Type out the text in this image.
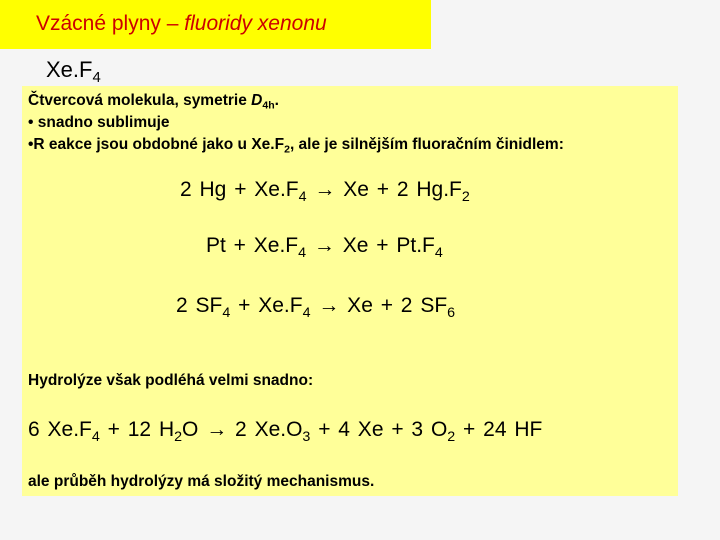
Vzácné plyny – fluoridy xenonu
$Xe.F_4$
Čtvercová molekula, symetrie $D_{4h}$.
• snadno sublimuje
•R eakce jsou obdobné jako u $Xe.F_2$, ale je silnějším fluoračním činidlem:
2 $Hg + Xe.F_4 \to Xe + 2$ $Hg.F_2$
$Pt + Xe.F_4 \to Xe + Pt.F_4$
2 $SF_4 + Xe.F_4 \to Xe + 2$ $SF_6$
Hydrolýze však podléhá velmi snadno:
6 $Xe.F_4 + 12$ $H_2O \to 2$ $Xe.O_3 + 4$ Xe + 3 $O_2 + 24$ HF
ale průběh hydrolýzy má složitý mechanismus.
